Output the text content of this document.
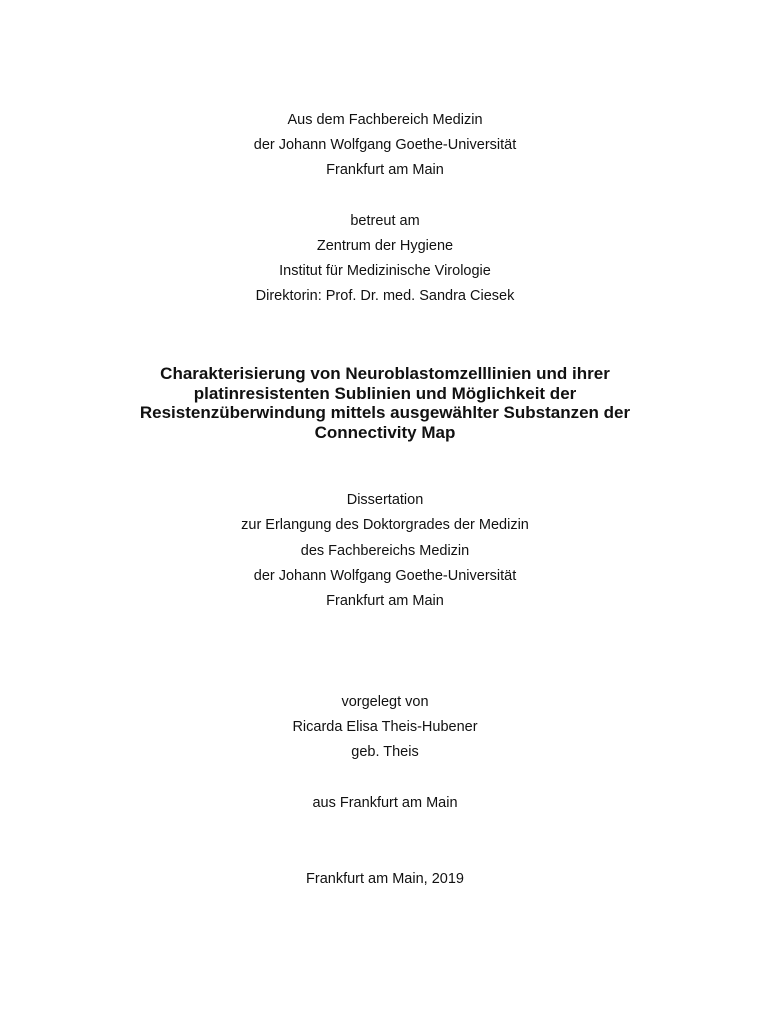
Aus dem Fachbereich Medizin
der Johann Wolfgang Goethe-Universität
Frankfurt am Main
betreut am
Zentrum der Hygiene
Institut für Medizinische Virologie
Direktorin: Prof. Dr. med. Sandra Ciesek
Charakterisierung von Neuroblastomzelllinien und ihrer
platinresistenten Sublinien und Möglichkeit der
Resistenzüberwindung mittels ausgewählter Substanzen der
Connectivity Map
Dissertation
zur Erlangung des Doktorgrades der Medizin
des Fachbereichs Medizin
der Johann Wolfgang Goethe-Universität
Frankfurt am Main
vorgelegt von
Ricarda Elisa Theis-Hubener
geb. Theis
aus Frankfurt am Main
Frankfurt am Main, 2019
